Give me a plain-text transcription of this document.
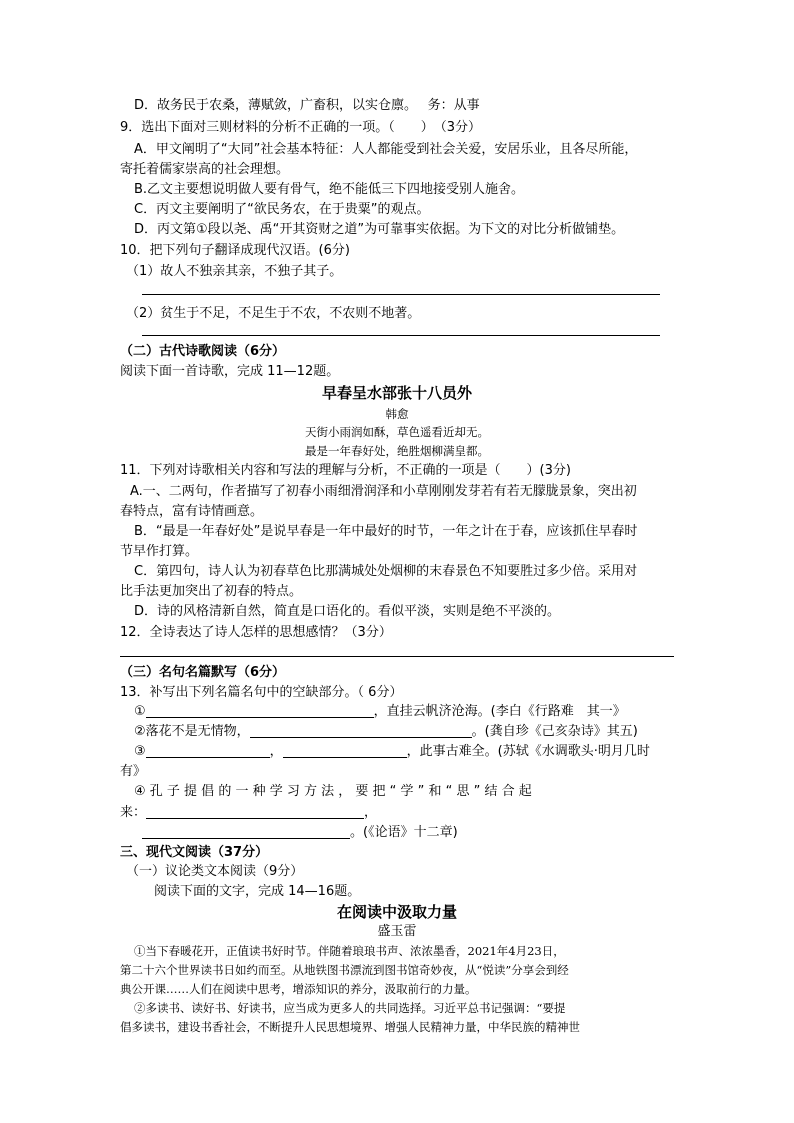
D．故务民于农桑，薄赋敛，广畜积，以实仓廪。　 务：从事
9．选出下面对三则材料的分析不正确的一项。（　　）　（3分）
A．甲文阐明了“大同”社会基本特征：人人都能受到社会关爱，安居乐业，且各尽所能，
寄托着儒家崇高的社会理想。
B.乙文主要想说明做人要有骨气，绝不能低三下四地接受别人施舍。
C．丙文主要阐明了“欲民务农，在于贵粟”的观点。
D．丙文第①段以尧、禹“开其资财之道”为可靠事实依据。为下文的对比分析做铺垫。
10．把下列句子翻译成现代汉语。(6分)
（1）故人不独亲其亲，不独子其子。
（2）贫生于不足，不足生于不农，不农则不地著。
（二）古代诗歌阅读（6分）
阅读下面一首诗歌，完成 11—12题。
早春呈水部张十八员外
韩愈
天街小雨润如酥，草色遥看近却无。
最是一年春好处，绝胜烟柳满皇都。
11．下列对诗歌相关内容和写法的理解与分析，不正确的一项是（　　）(3分)
A.一、二两句，作者描写了初春小雨细滑润泽和小草刚刚发芽若有若无朦胧景象，突出初
春特点，富有诗情画意。
B．“最是一年春好处”是说早春是一年中最好的时节，一年之计在于春，应该抓住早春时
节早作打算。
C．第四句，诗人认为初春草色比那满城处处烟柳的末春景色不知要胜过多少倍。采用对
比手法更加突出了初春的特点。
D．诗的风格清新自然，简直是口语化的。看似平淡，实则是绝不平淡的。
12．全诗表达了诗人怎样的思想感情？（3分）
（三）名句名篇默写（6分）
13．补写出下列名篇名句中的空缺部分。（ 6分）
①	，直挂云帆济沧海。(李白《行路难　其一》
②落花不是无情物，	。(龚自珍《己亥杂诗》其五)
③	，	，此事古难全。(苏轼《水调歌头·明月几时
有》
④ 孔 子 提 倡 的 一 种 学 习 方 法 ， 要 把 “ 学 ” 和 “ 思 ” 结 合 起
来：	，
。(《论语》十二章)
三、现代文阅读（37分）
（一）议论类文本阅读（9分）
阅读下面的文字，完成 14—16题。
在阅读中汲取力量
盛玉雷
①当下春暖花开，正值读书好时节。伴随着琅琅书声、浓浓墨香，2021年4月23日，
第二十六个世界读书日如约而至。从地铁图书漂流到图书馆奇妙夜，从“悦读”分享会到经
典公开课……人们在阅读中思考，增添知识的养分，汲取前行的力量。
②多读书、读好书、好读书，应当成为更多人的共同选择。习近平总书记强调：“要提
倡多读书，建设书香社会，不断提升人民思想境界、增强人民精神力量，中华民族的精神世
